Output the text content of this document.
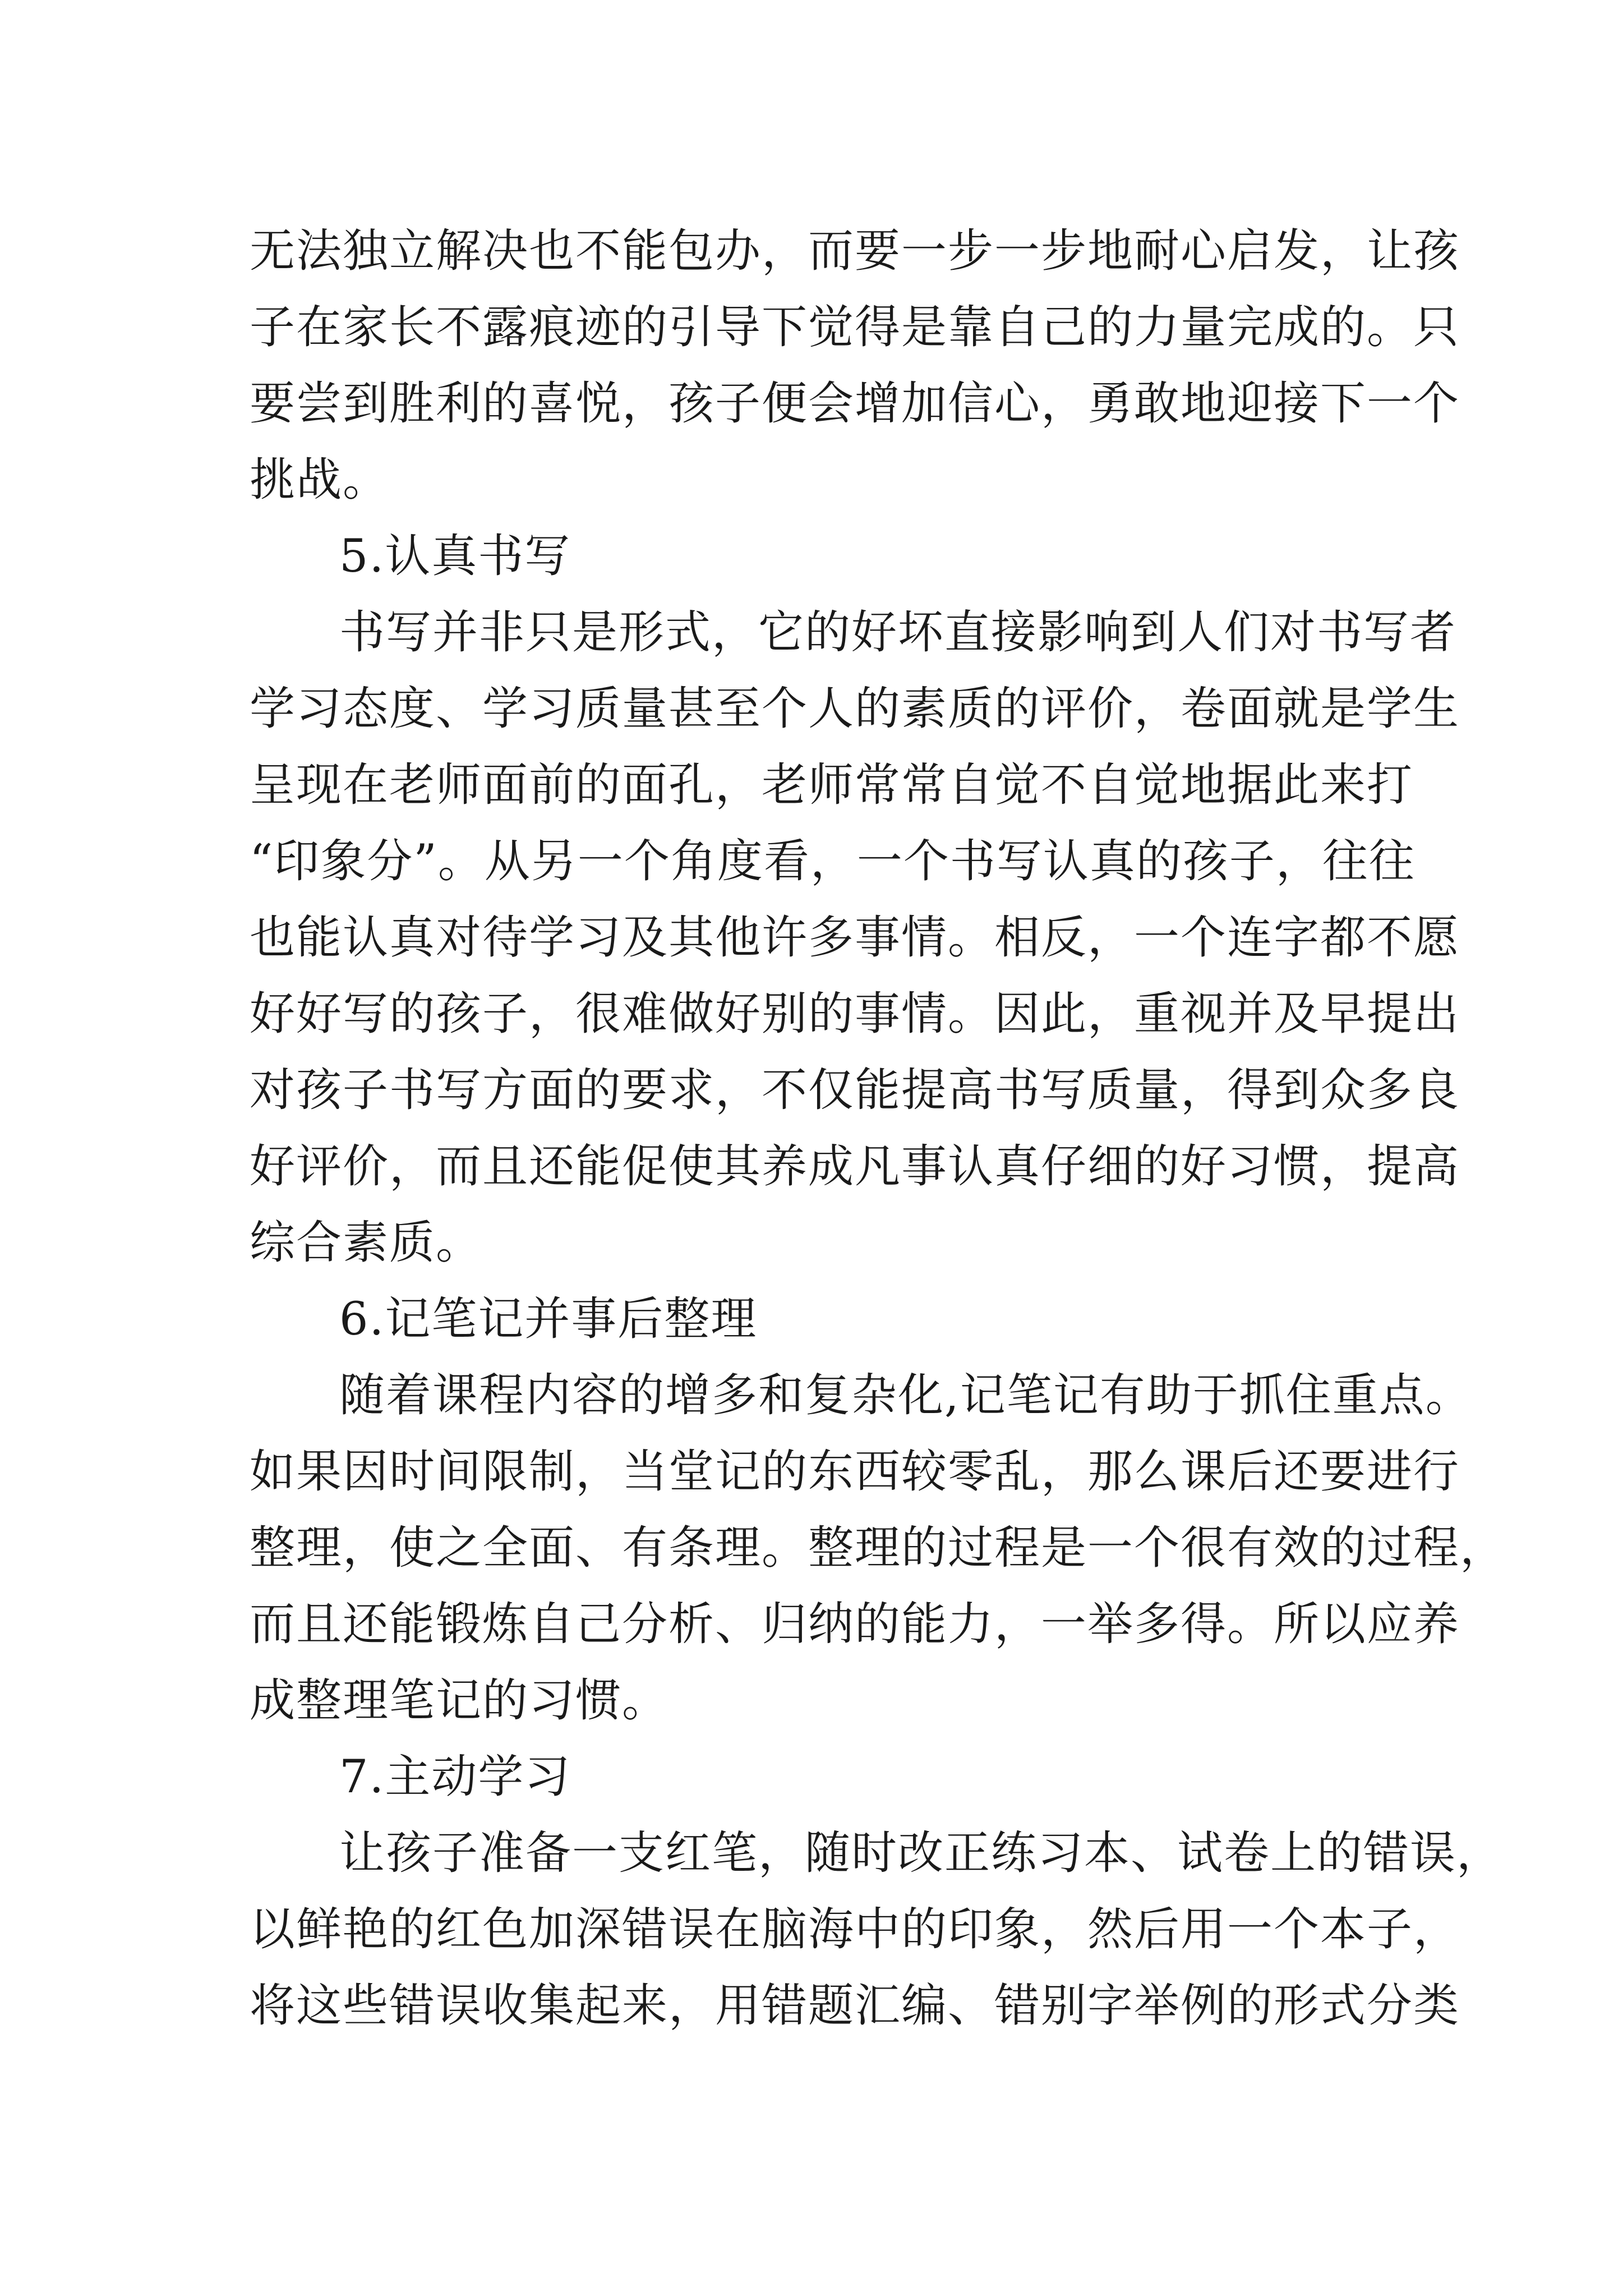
无法独立解决也不能包办，而要一步一步地耐心启发，让孩
子在家长不露痕迹的引导下觉得是靠自己的力量完成的。只
要尝到胜利的喜悦，孩子便会增加信心，勇敢地迎接下一个
挑战。
5.认真书写
书写并非只是形式，它的好坏直接影响到人们对书写者
学习态度、学习质量甚至个人的素质的评价，卷面就是学生
呈现在老师面前的面孔，老师常常自觉不自觉地据此来打
“印象分”。从另一个角度看，一个书写认真的孩子，往往
也能认真对待学习及其他许多事情。相反，一个连字都不愿
好好写的孩子，很难做好别的事情。因此，重视并及早提出
对孩子书写方面的要求，不仅能提高书写质量，得到众多良
好评价，而且还能促使其养成凡事认真仔细的好习惯，提高
综合素质。
6.记笔记并事后整理
随着课程内容的增多和复杂化,记笔记有助于抓住重点。
如果因时间限制，当堂记的东西较零乱，那么课后还要进行
整理，使之全面、有条理。整理的过程是一个很有效的过程，
而且还能锻炼自己分析、归纳的能力，一举多得。所以应养
成整理笔记的习惯。
7.主动学习
让孩子准备一支红笔，随时改正练习本、试卷上的错误，
以鲜艳的红色加深错误在脑海中的印象，然后用一个本子，
将这些错误收集起来，用错题汇编、错别字举例的形式分类
